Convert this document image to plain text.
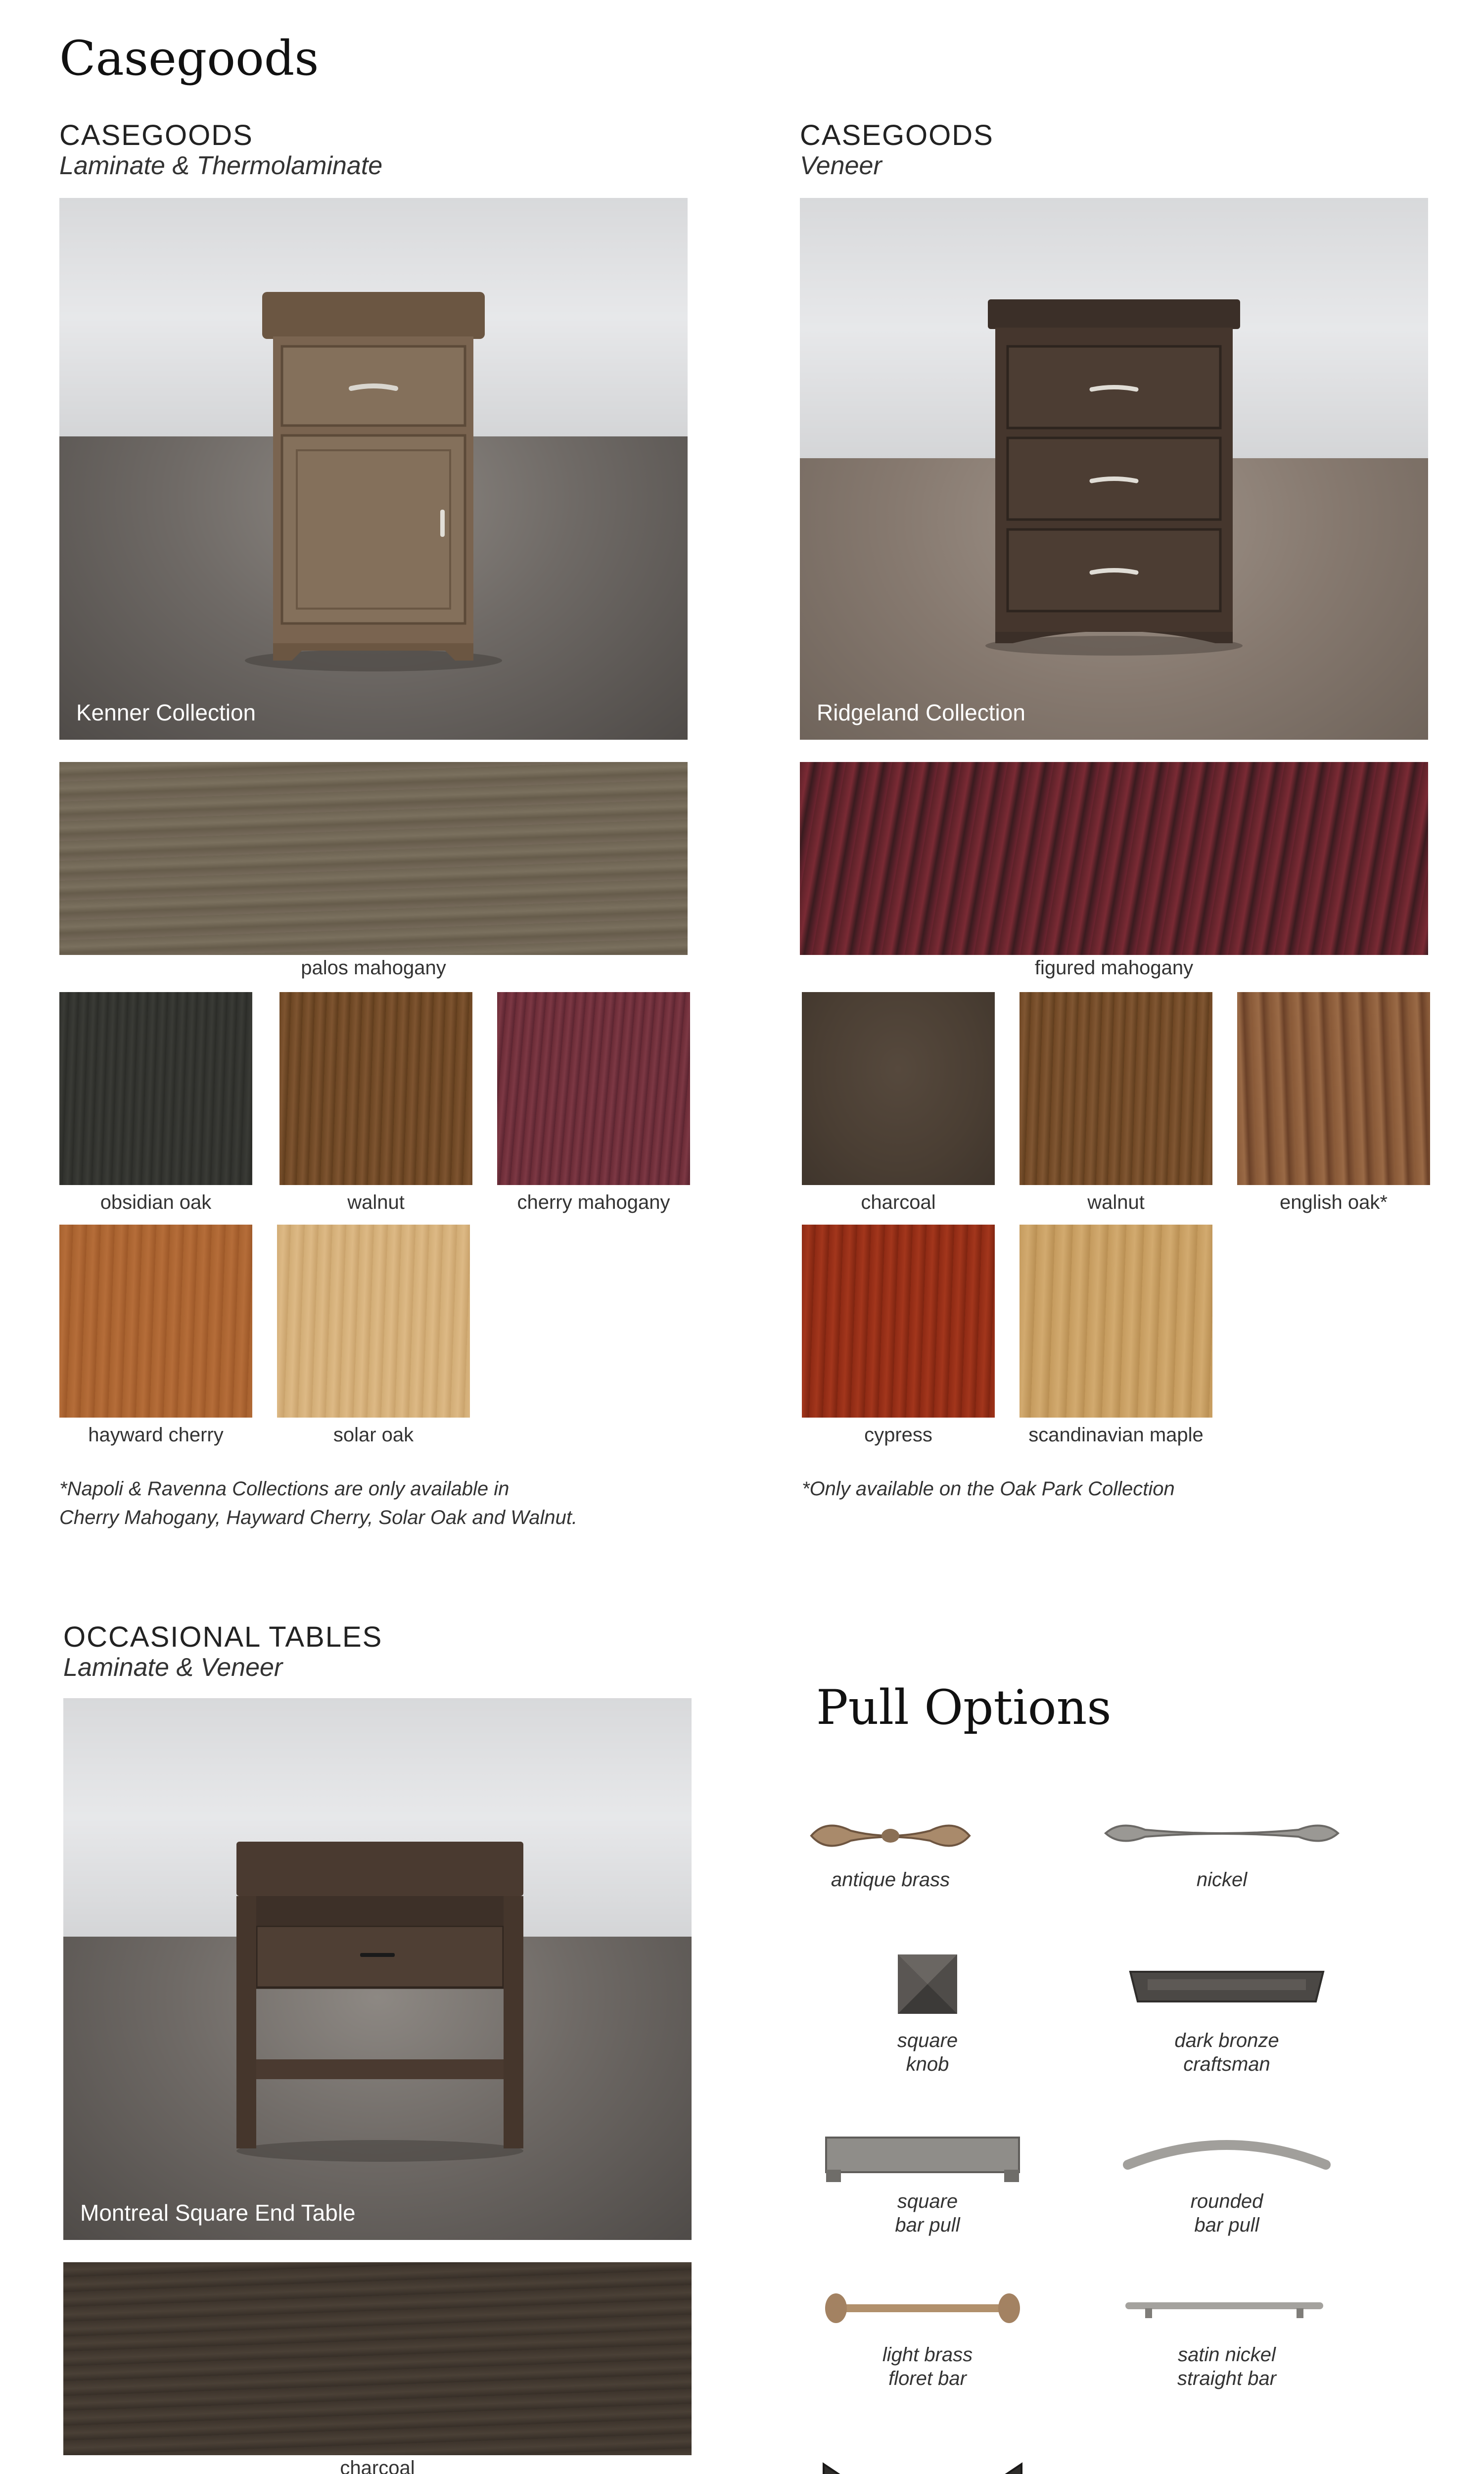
Casegoods
CASEGOODS
Laminate & Thermolaminate
Kenner Collection
palos mahogany
obsidian oak	walnut	cherry mahogany
hayward cherry	solar oak
*Napoli & Ravenna Collections are only available in
Cherry Mahogany, Hayward Cherry, Solar Oak and Walnut.
CASEGOODS
Veneer
Ridgeland Collection
figured mahogany
charcoal	walnut	english oak*
cypress	scandinavian maple
*Only available on the Oak Park Collection
OCCASIONAL TABLES
Laminate & Veneer
Montreal Square End Table
charcoal
Pull Options
antique brass	nickel
square
knob
dark bronze
craftsman
square
bar pull
rounded
bar pull
light brass
floret bar
satin nickel
straight bar
